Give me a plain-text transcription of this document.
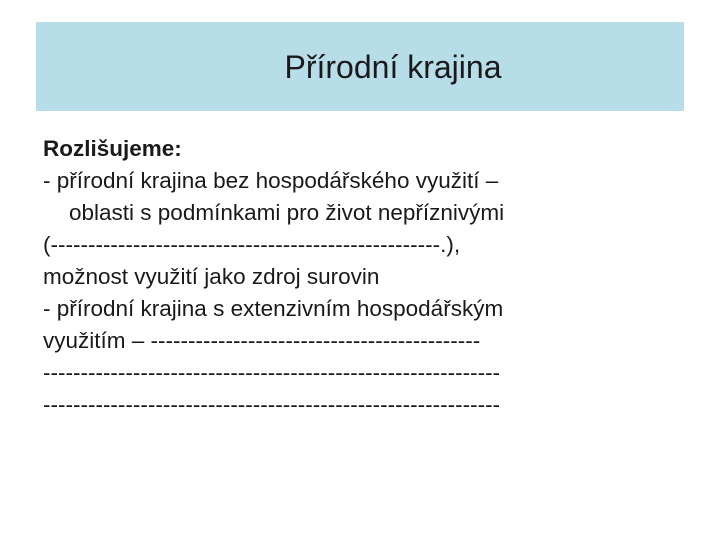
Přírodní krajina
Rozlišujeme:
- přírodní krajina bez hospodářského využití –
oblasti s podmínkami pro život nepříznivými
(----------------------------------------------------.),
možnost využití jako zdroj surovin
- přírodní krajina s extenzivním hospodářským
využitím – --------------------------------------------
-------------------------------------------------------------
-------------------------------------------------------------
